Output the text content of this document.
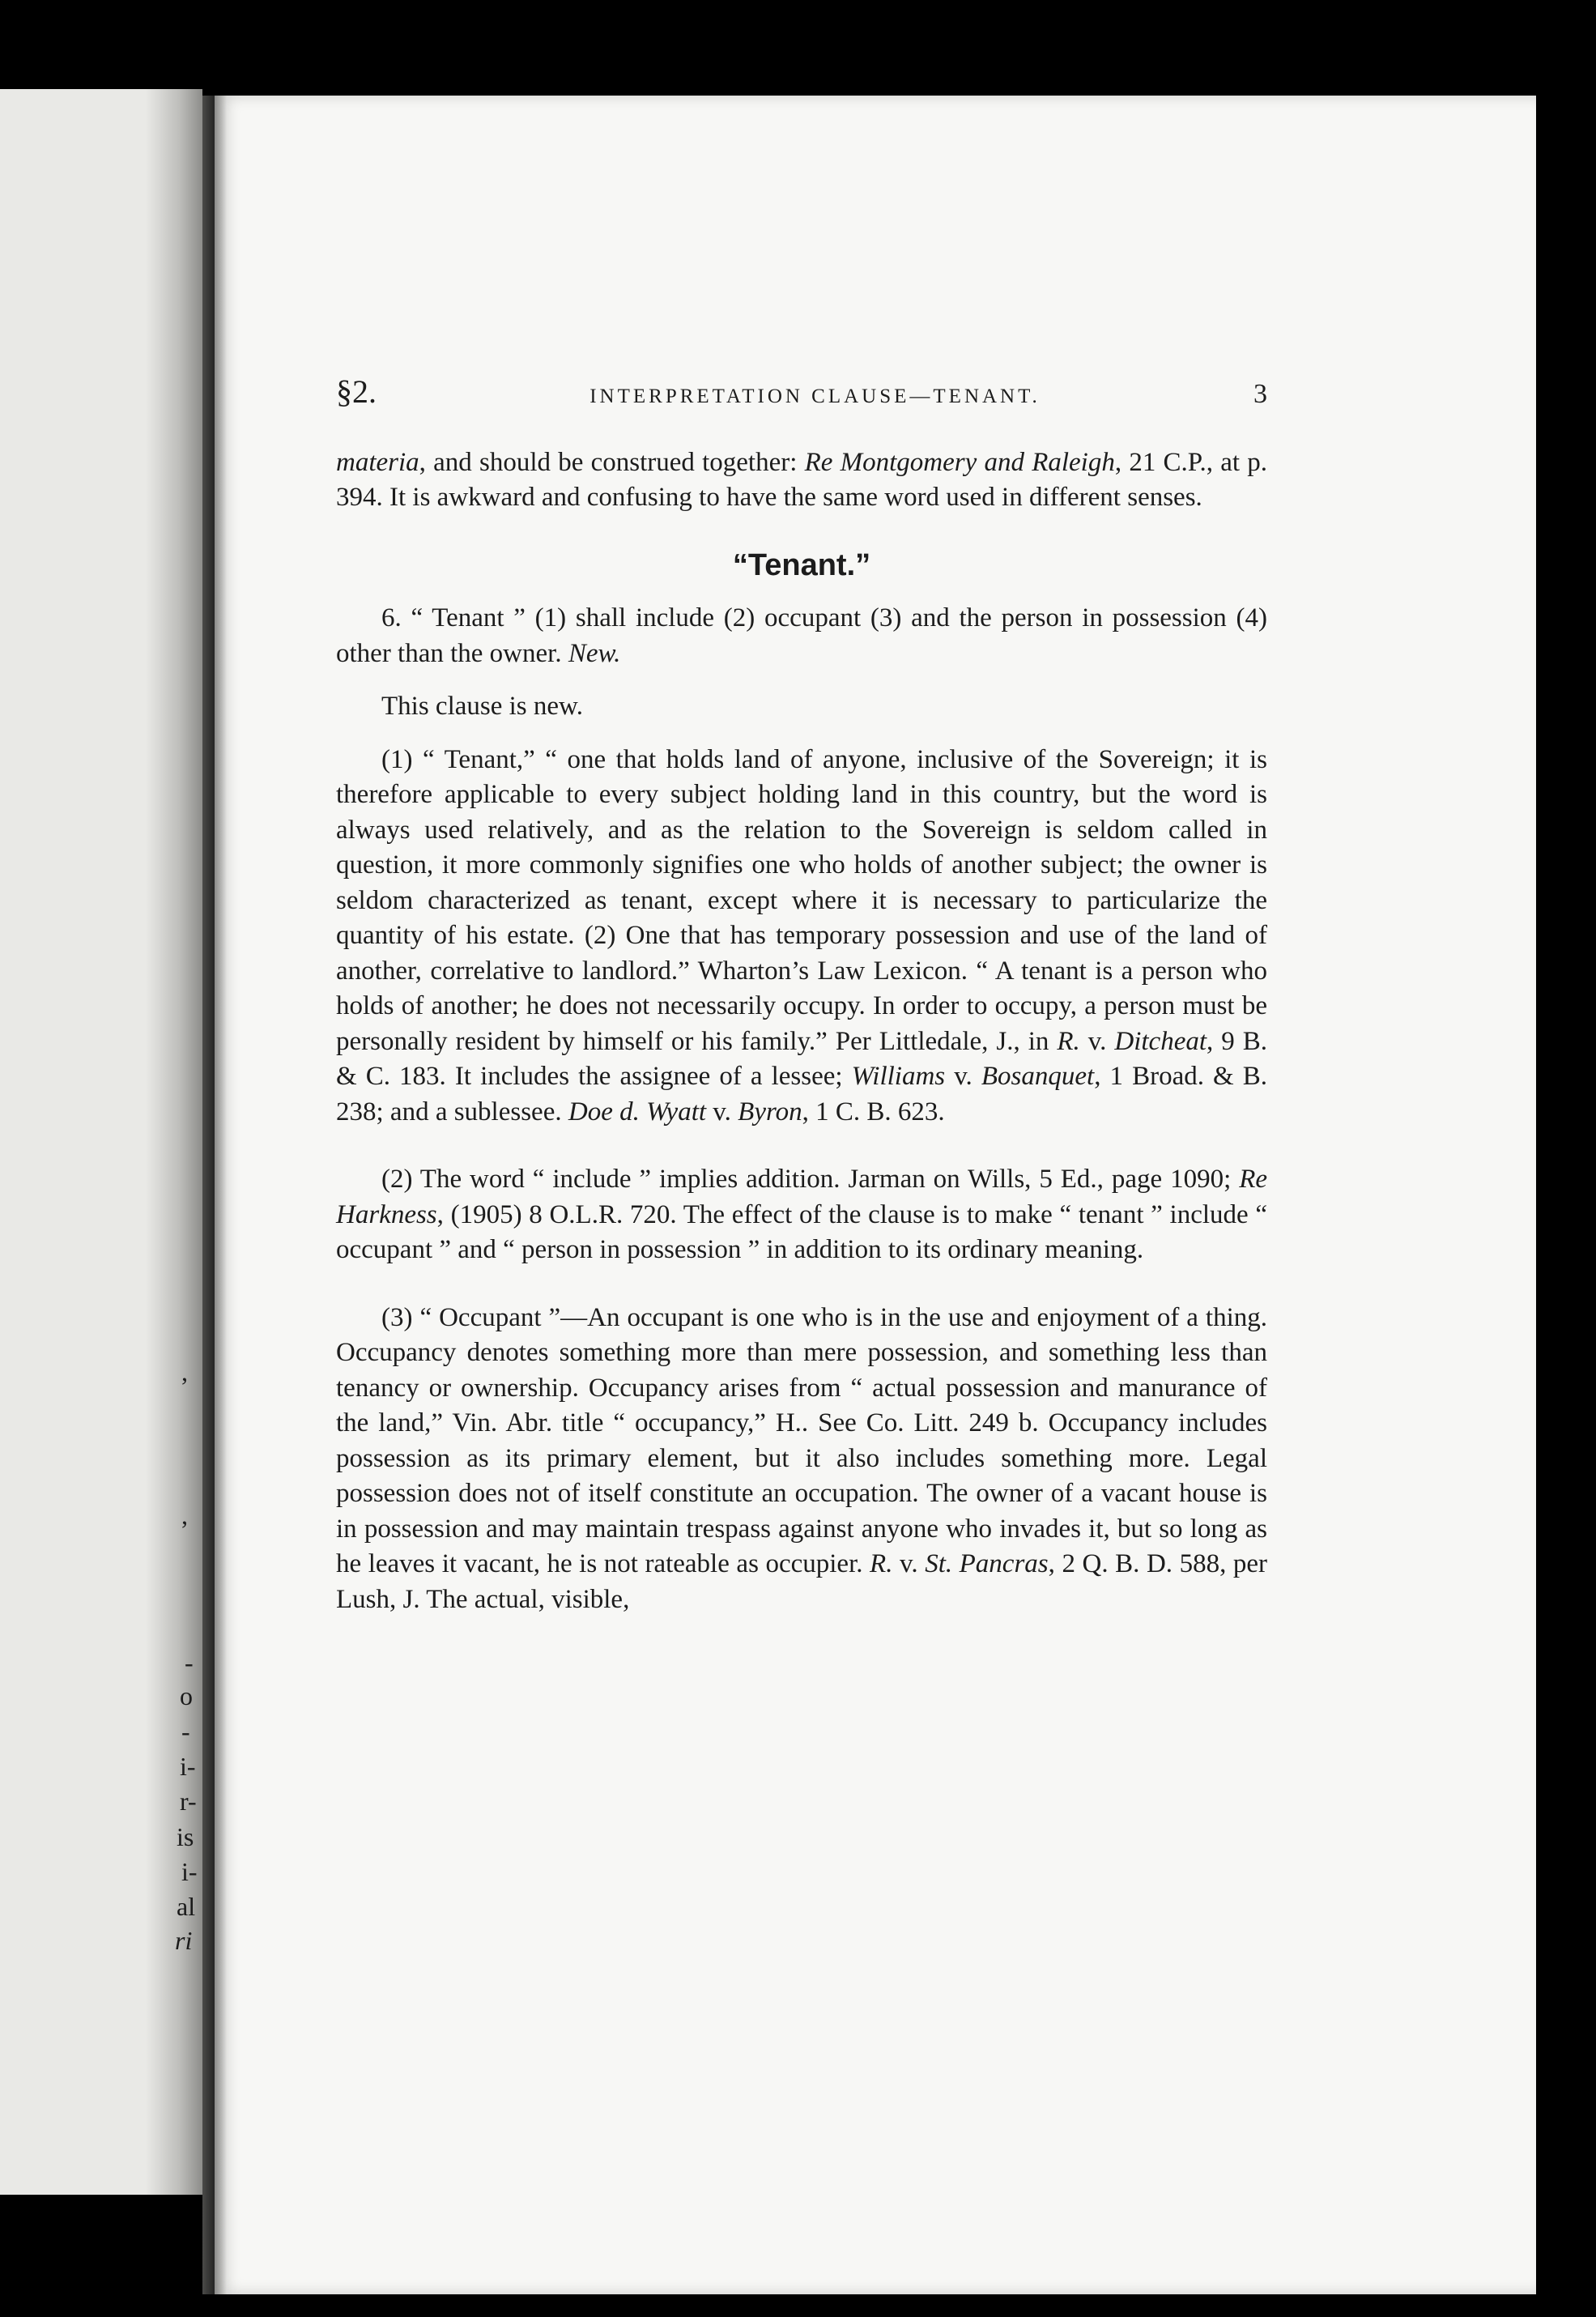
,
,
-
o
-
i-
r-
is
i-
al
ri
§2.	INTERPRETATION CLAUSE—TENANT.	3

materia, and should be construed together: Re Montgomery and Raleigh, 21 C.P., at p. 394. It is awkward and confusing to have the same word used in different senses.

“Tenant.”

6. “ Tenant ” (1) shall include (2) occupant (3) and the person in possession (4) other than the owner. New.

This clause is new.

(1) “ Tenant,” “ one that holds land of anyone, inclusive of the Sovereign; it is therefore applicable to every subject holding land in this country, but the word is always used relatively, and as the relation to the Sovereign is seldom called in question, it more commonly signifies one who holds of another subject; the owner is seldom characterized as tenant, except where it is necessary to particularize the quantity of his estate. (2) One that has temporary possession and use of the land of another, correlative to landlord.” Wharton’s Law Lexicon. “ A tenant is a person who holds of another; he does not necessarily occupy. In order to occupy, a person must be personally resident by himself or his family.” Per Littledale, J., in R. v. Ditcheat, 9 B. & C. 183. It includes the assignee of a lessee; Williams v. Bosanquet, 1 Broad. & B. 238; and a sublessee. Doe d. Wyatt v. Byron, 1 C. B. 623.

(2) The word “ include ” implies addition. Jarman on Wills, 5 Ed., page 1090; Re Harkness, (1905) 8 O.L.R. 720. The effect of the clause is to make “ tenant ” include “ occupant ” and “ person in possession ” in addition to its ordinary meaning.

(3) “ Occupant ”—An occupant is one who is in the use and enjoyment of a thing. Occupancy denotes something more than mere possession, and something less than tenancy or ownership. Occupancy arises from “ actual possession and manurance of the land,” Vin. Abr. title “ occupancy,” H.. See Co. Litt. 249 b. Occupancy includes possession as its primary element, but it also includes something more. Legal possession does not of itself constitute an occupation. The owner of a vacant house is in possession and may maintain trespass against anyone who invades it, but so long as he leaves it vacant, he is not rateable as occupier. R. v. St. Pancras, 2 Q. B. D. 588, per Lush, J. The actual, visible,
